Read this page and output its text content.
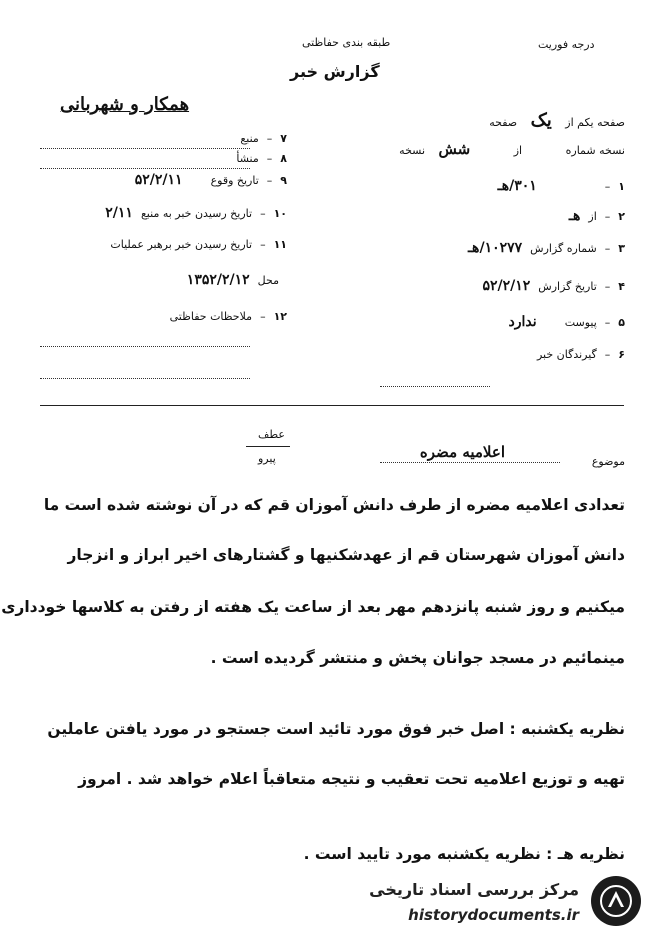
طبقه بندی حفاظتی	درجه فوریت
گزارش خبر
همکار و شهربانی
صفحه یکم از یک صفحه
نسخه شماره از شش نسخه
۷
–
منبع
۸
–
منشأ
۹
–
تاریخ وقوع
۵۲/۲/۱۱
۱۰
–
تاریخ رسیدن خبر به منبع
۲/۱۱
۱۱
–
تاریخ رسیدن خبر برهبر عملیات
محل
۱۳۵۲/۲/۱۲
۱۲
–
ملاحظات حفاظتی
۱
–
۳۰۱/هـ
۲
–
از
هـ
۳
–
شماره گزارش
۱۰۲۷۷/هـ
۴
–
تاریخ گزارش
۵۲/۲/۱۲
۵
–
پیوست
ندارد
۶
–
گیرندگان خبر
عطف
پیرو	موضوع
اعلامیه مضره
تعدادی اعلامیه مضره از طرف دانش آموزان قم که در آن نوشته شده است ما
دانش آموزان شهرستان قم از عهدشکنیها و گشتارهای اخیر ابراز و انزجار
میکنیم و روز شنبه پانزدهم مهر بعد از ساعت یک هفته از رفتن به کلاسها خودداری
مینمائیم در مسجد جوانان پخش و منتشر گردیده است .
نظریه یکشنبه : اصل خبر فوق مورد تائید است جستجو در مورد یافتن عاملین
تهیه و توزیع اعلامیه تحت تعقیب و نتیجه متعاقباً اعلام خواهد شد . امروز
نظریه هـ : نظریه یکشنبه مورد تایید است .
مرکز بررسی اسناد تاریخی
historydocuments.ir
